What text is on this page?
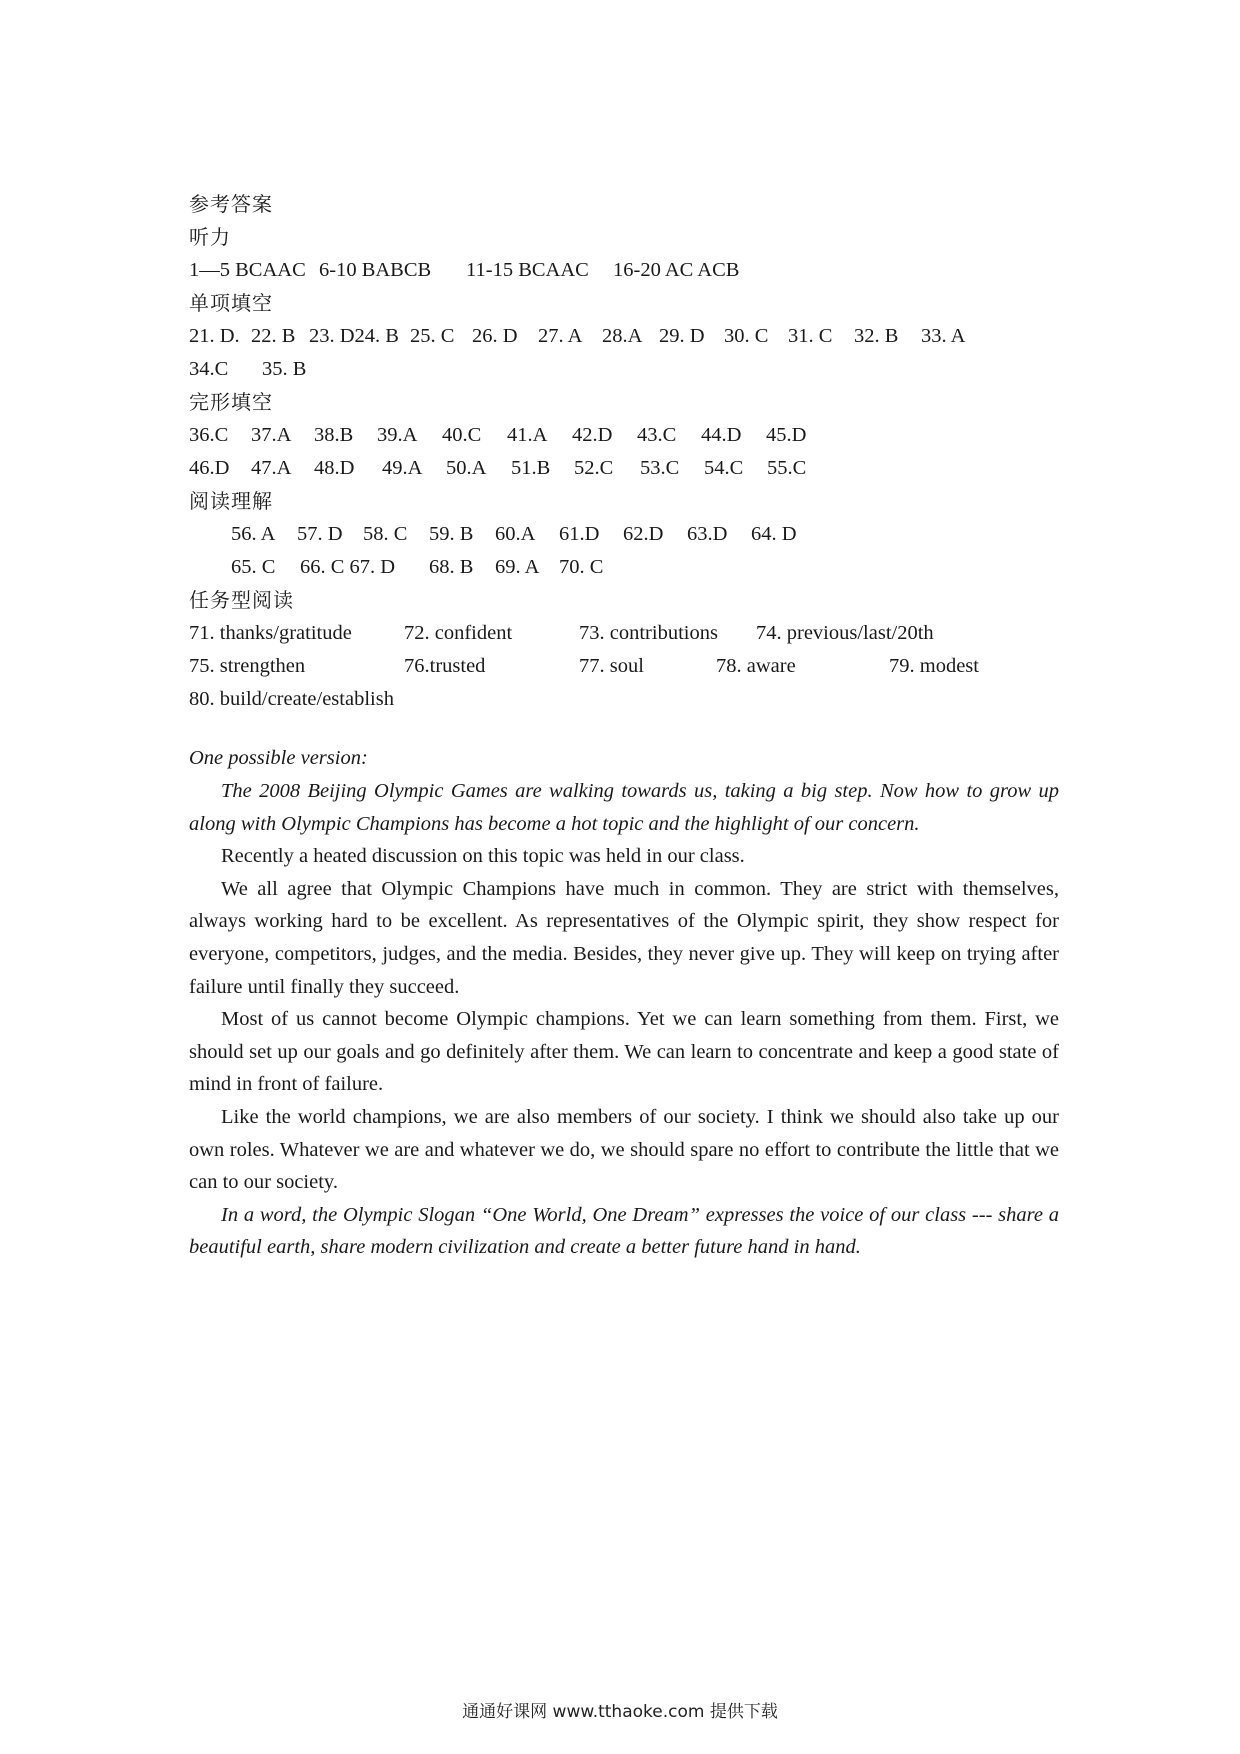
参考答案
听力
1—5 BCAAC 6-10 BABCB 11-15 BCAAC 16-20 AC ACB
单项填空
21. D. 22. B 23. D24. B 25. C 26. D 27. A 28.A 29. D 30. C 31. C 32. B 33. A
34.C 35. B
完形填空
36.C 37.A 38.B 39.A 40.C 41.A 42.D 43.C 44.D 45.D
46.D 47.A 48.D 49.A 50.A 51.B 52.C 53.C 54.C 55.C
阅读理解
56. A 57. D 58. C 59. B 60.A 61.D 62.D 63.D 64. D
65. C 66. C 67. D 68. B 69. A 70. C
任务型阅读
71. thanks/gratitude	72. confident	73. contributions 74. previous/last/20th
75. strengthen	76.trusted	77. soul	78. aware	79. modest
80. build/create/establish
One possible version:

The 2008 Beijing Olympic Games are walking towards us, taking a big step. Now how to grow up along with Olympic Champions has become a hot topic and the highlight of our concern.

Recently a heated discussion on this topic was held in our class.

We all agree that Olympic Champions have much in common. They are strict with themselves, always working hard to be excellent. As representatives of the Olympic spirit, they show respect for everyone, competitors, judges, and the media. Besides, they never give up. They will keep on trying after failure until finally they succeed.

Most of us cannot become Olympic champions. Yet we can learn something from them. First, we should set up our goals and go definitely after them. We can learn to concentrate and keep a good state of mind in front of failure.

Like the world champions, we are also members of our society. I think we should also take up our own roles. Whatever we are and whatever we do, we should spare no effort to contribute the little that we can to our society.

In a word, the Olympic Slogan “One World, One Dream” expresses the voice of our class --- share a beautiful earth, share modern civilization and create a better future hand in hand.

通通好课网 www.tthaoke.com 提供下载
